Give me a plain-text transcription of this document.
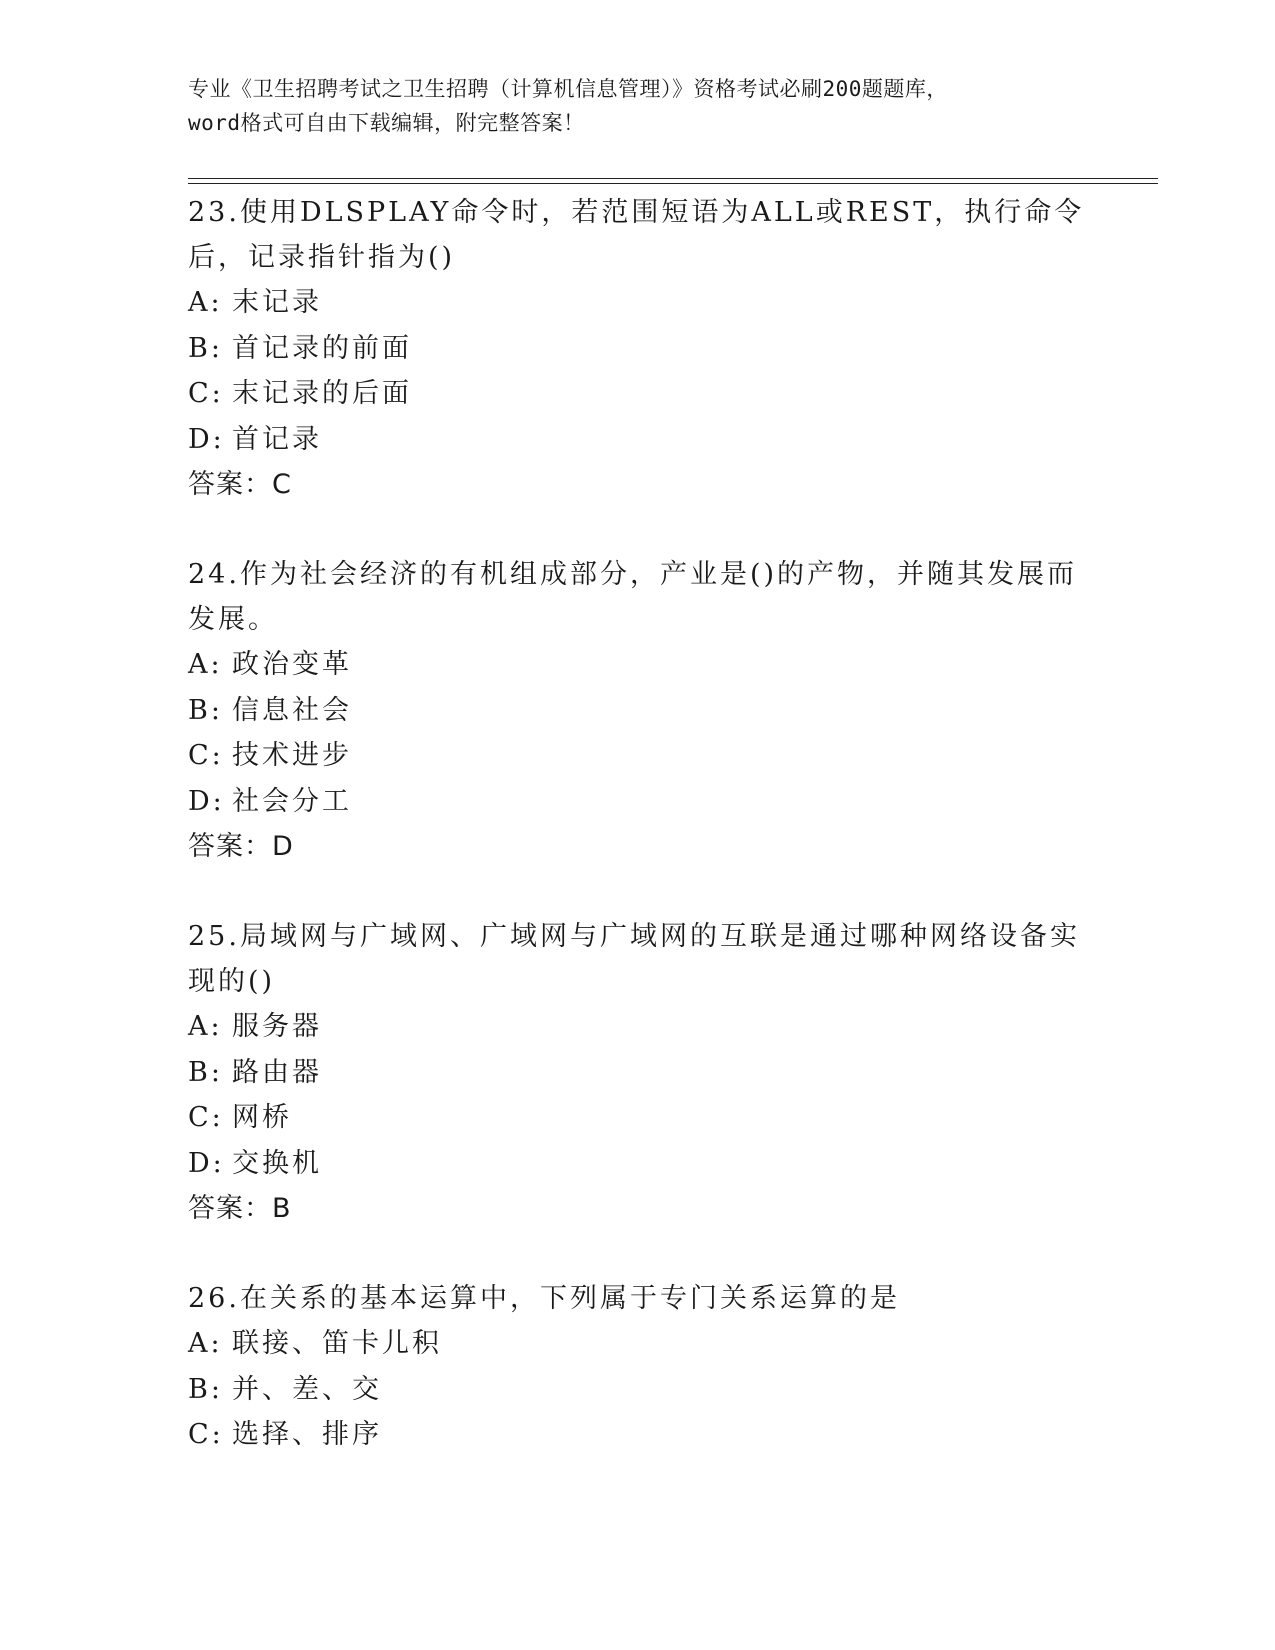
专业《卫生招聘考试之卫生招聘（计算机信息管理）》资格考试必刷200题题库，
word格式可自由下载编辑，附完整答案！

23.使用DLSPLAY命令时，若范围短语为ALL或REST，执行命令后，记录指针指为()

A: 末记录
B: 首记录的前面
C: 末记录的后面
D: 首记录
答案：C

24.作为社会经济的有机组成部分，产业是()的产物，并随其发展而发展。

A: 政治变革
B: 信息社会
C: 技术进步
D: 社会分工
答案：D

25.局域网与广域网、广域网与广域网的互联是通过哪种网络设备实现的()

A: 服务器
B: 路由器
C: 网桥
D: 交换机
答案：B

26.在关系的基本运算中，下列属于专门关系运算的是

A: 联接、笛卡儿积
B: 并、差、交
C: 选择、排序
